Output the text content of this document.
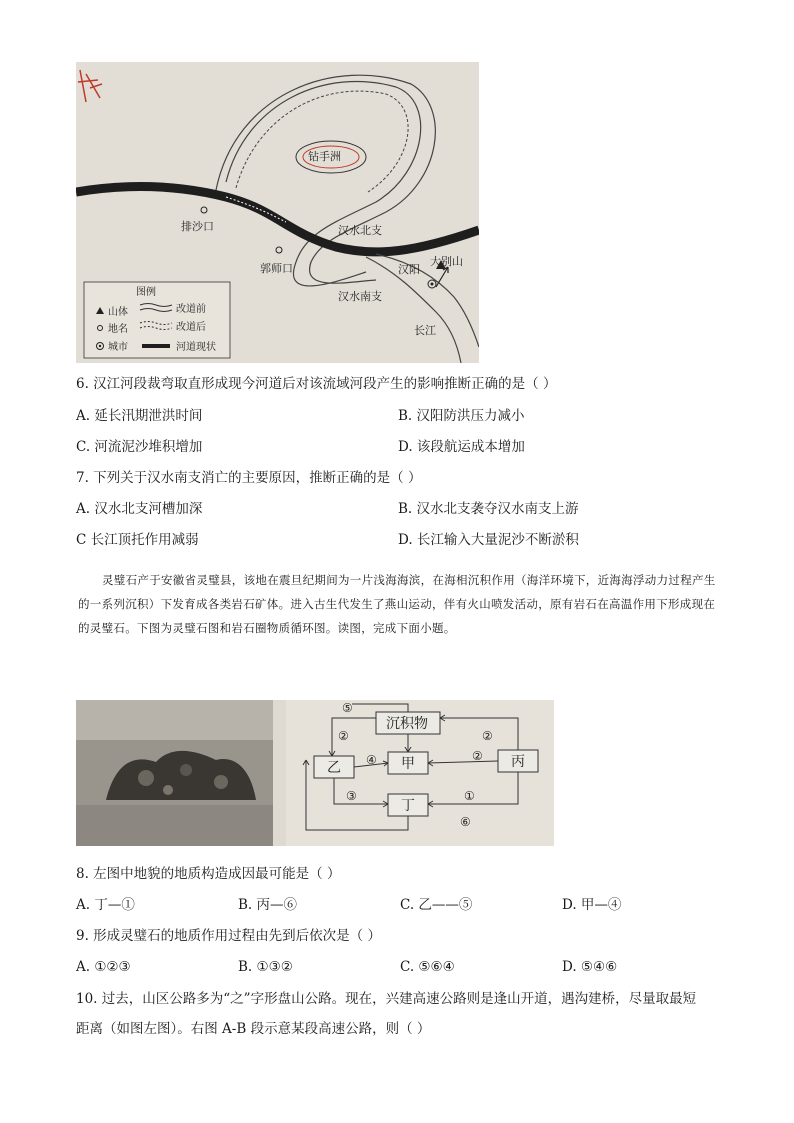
钻手洲
排沙口	汉水北支
郭师口	汉阳
大别山
汉水南支
长江
图例
山体
地名
城市
改道前
改道后
河道现状
6. 汉江河段裁弯取直形成现今河道后对该流域河段产生的影响推断正确的是（ ）
A. 延长汛期泄洪时间	B. 汉阳防洪压力减小
C. 河流泥沙堆积增加	D. 该段航运成本增加
7. 下列关于汉水南支消亡的主要原因，推断正确的是（ ）
A. 汉水北支河槽加深	B. 汉水北支袭夺汉水南支上游
C 长江顶托作用减弱	D. 长江输入大量泥沙不断淤积
灵璧石产于安徽省灵璧县，该地在震旦纪期间为一片浅海海滨，在海相沉积作用（海洋环境下，近海海浮动力过程产生的一系列沉积）下发育成各类岩石矿体。进入古生代发生了燕山运动，伴有火山喷发活动，原有岩石在高温作用下形成现在的灵璧石。下图为灵璧石图和岩石圈物质循环图。读图，完成下面小题。
沉积物
甲
乙	丙
丁
⑤
②	②
④	②
③	①
⑥
8. 左图中地貌的地质构造成因最可能是（ ）
A. 丁—①	B. 丙—⑥	C. 乙——⑤	D. 甲—④
9. 形成灵璧石的地质作用过程由先到后依次是（ ）
A. ①②③	B. ①③②	C. ⑤⑥④	D. ⑤④⑥
10. 过去，山区公路多为“之”字形盘山公路。现在，兴建高速公路则是逢山开道，遇沟建桥，尽量取最短
距离（如图左图）。右图 A-B 段示意某段高速公路，则（ ）
